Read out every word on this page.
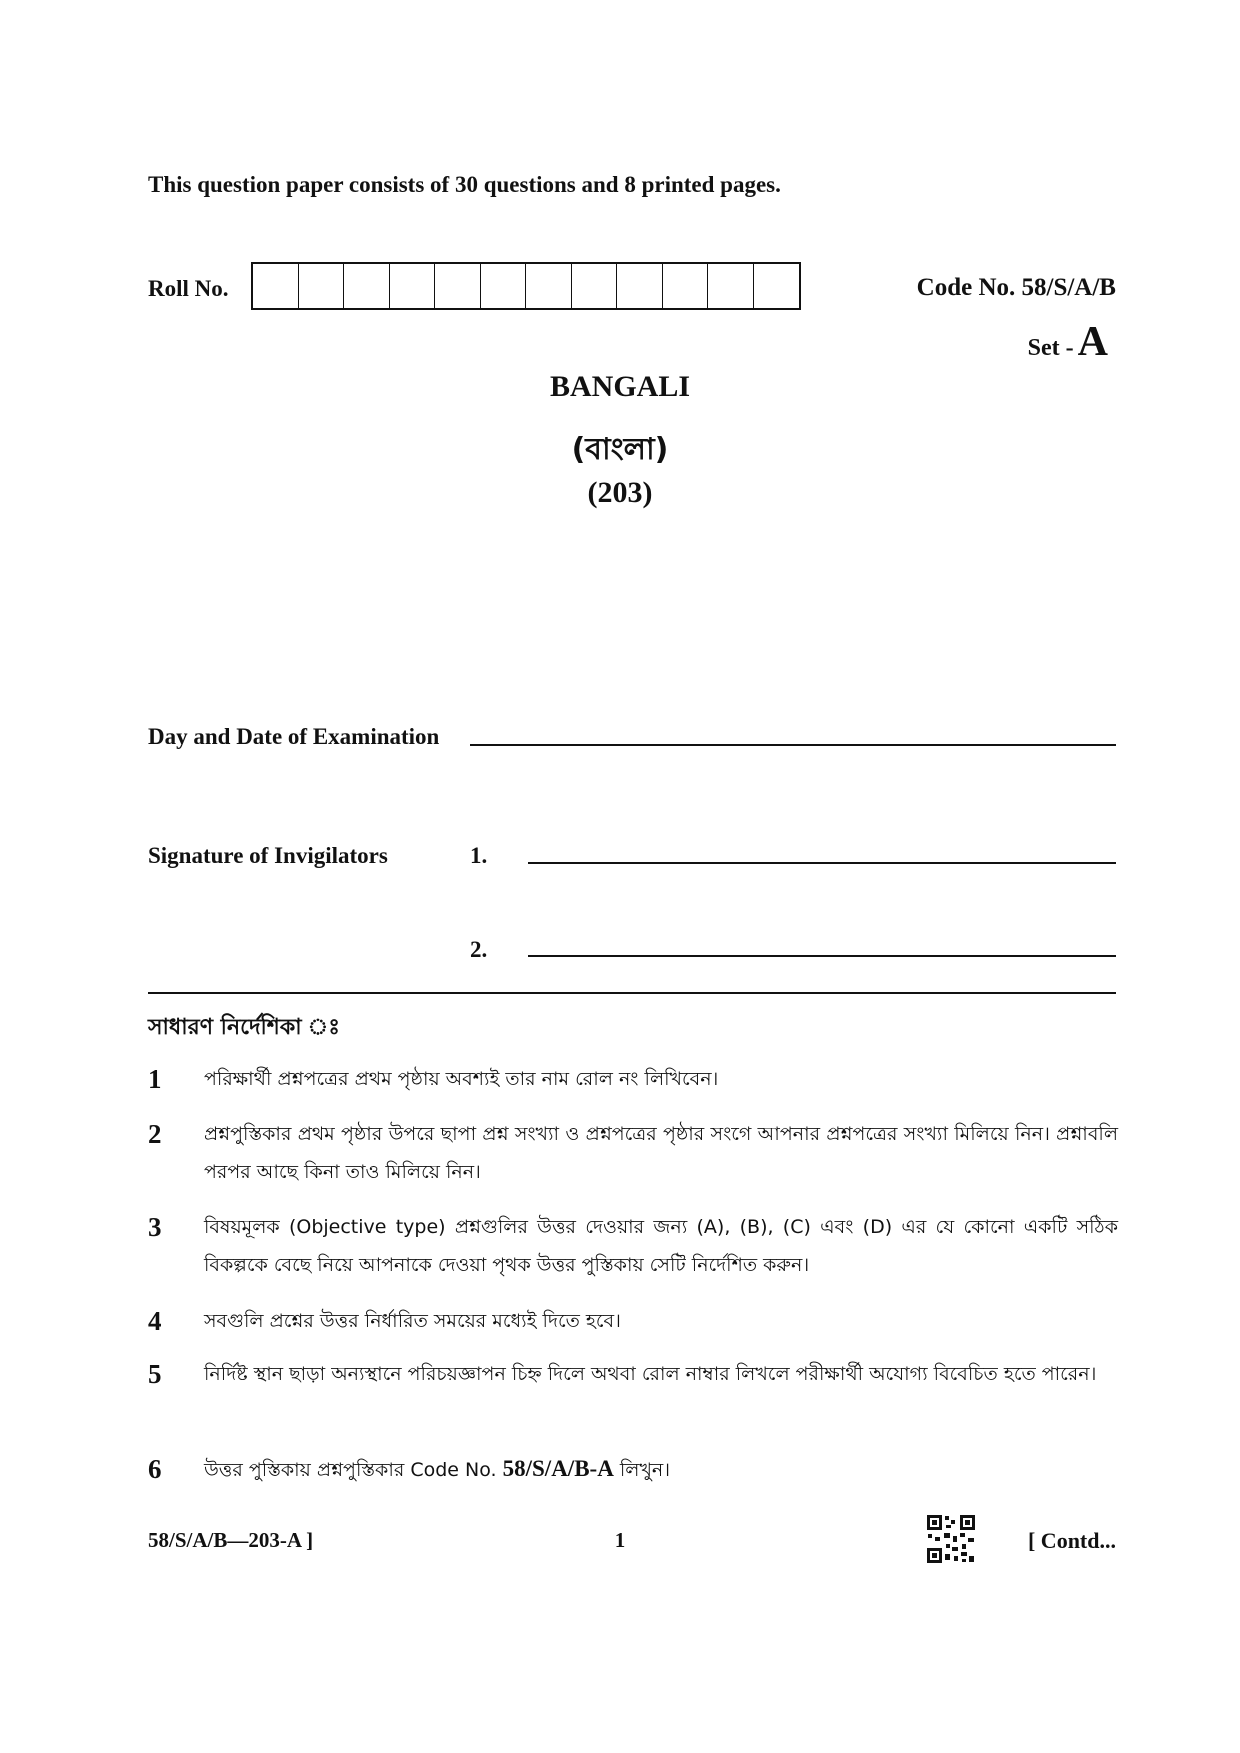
This question paper consists of 30 questions and 8 printed pages.
Roll No.	Code No. 58/S/A/B
Set -A
BANGALI
(বাংলা)
(203)
Day and Date of Examination
Signature of Invigilators	1.
2.
সাধারণ নির্দেশিকা ঃ
1	পরিক্ষার্থী প্রশ্নপত্রের প্রথম পৃষ্ঠায় অবশ্যই তার নাম রোল নং লিখিবেন।
2	প্রশ্নপুস্তিকার প্রথম পৃষ্ঠার উপরে ছাপা প্রশ্ন সংখ্যা ও প্রশ্নপত্রের পৃষ্ঠার সংগে আপনার প্রশ্নপত্রের সংখ্যা মিলিয়ে নিন। প্রশ্নাবলি পরপর আছে কিনা তাও মিলিয়ে নিন।
3	বিষয়মূলক (Objective type) প্রশ্নগুলির উত্তর দেওয়ার জন্য (A), (B), (C) এবং (D) এর যে কোনো একটি সঠিক বিকল্পকে বেছে নিয়ে আপনাকে দেওয়া পৃথক উত্তর পুস্তিকায় সেটি নির্দেশিত করুন।
4	সবগুলি প্রশ্নের উত্তর নির্ধারিত সময়ের মধ্যেই দিতে হবে।
5	নির্দিষ্ট স্থান ছাড়া অন্যস্থানে পরিচয়জ্ঞাপন চিহ্ন দিলে অথবা রোল নাম্বার লিখলে পরীক্ষার্থী অযোগ্য বিবেচিত হতে পারেন।
6	উত্তর পুস্তিকায় প্রশ্নপুস্তিকার Code No. 58/S/A/B-A লিখুন।
58/S/A/B—203-A ]	1	[ Contd...
